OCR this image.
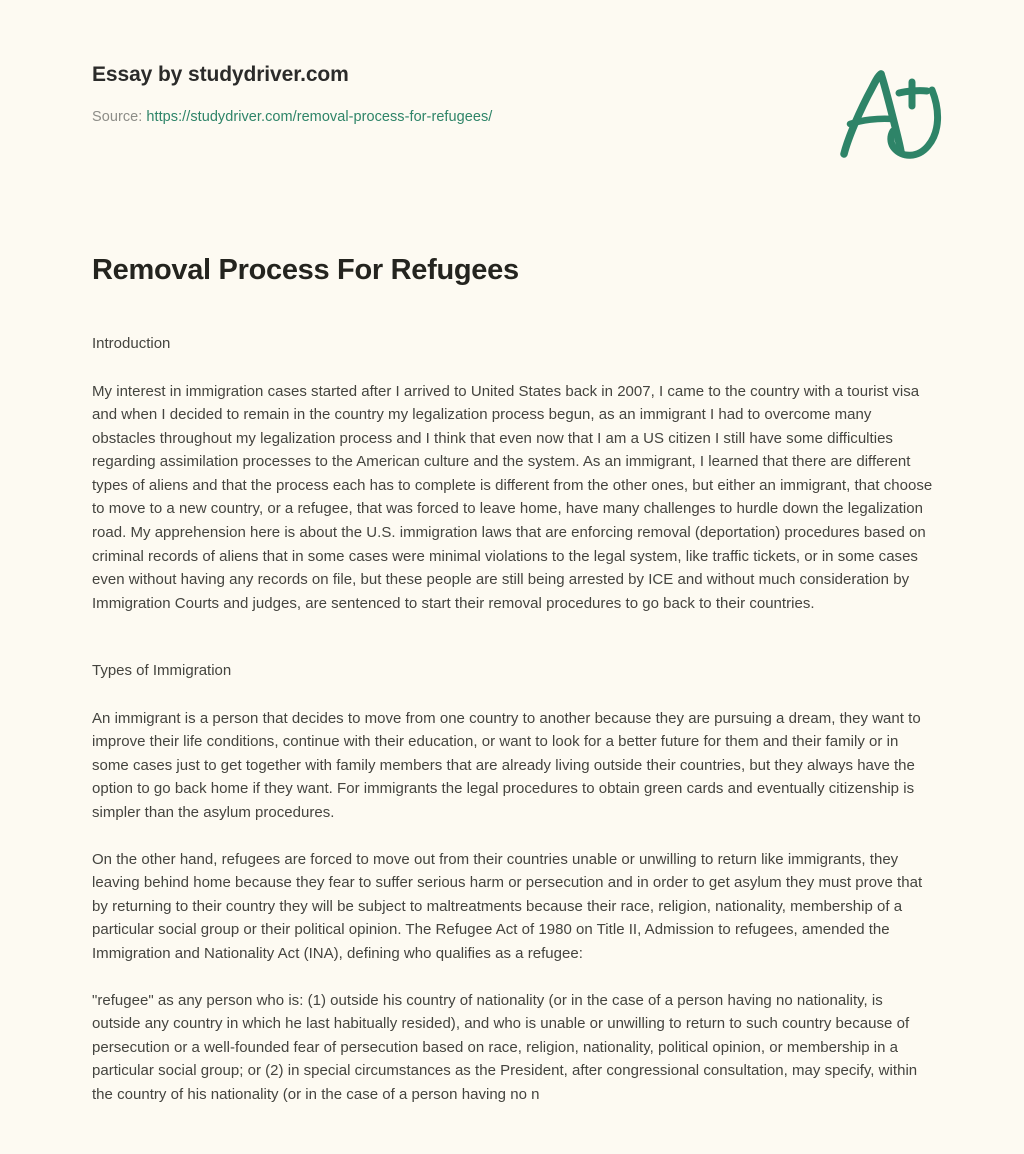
Essay by studydriver.com
Source: https://studydriver.com/removal-process-for-refugees/
Removal Process For Refugees
Introduction

My interest in immigration cases started after I arrived to United States back in 2007, I came to the country with a tourist visa and when I decided to remain in the country my legalization process begun, as an immigrant I had to overcome many obstacles throughout my legalization process and I think that even now that I am a US citizen I still have some difficulties regarding assimilation processes to the American culture and the system. As an immigrant, I learned that there are different types of aliens and that the process each has to complete is different from the other ones, but either an immigrant, that choose to move to a new country, or a refugee, that was forced to leave home, have many challenges to hurdle down the legalization road. My apprehension here is about the U.S. immigration laws that are enforcing removal (deportation) procedures based on criminal records of aliens that in some cases were minimal violations to the legal system, like traffic tickets, or in some cases even without having any records on file, but these people are still being arrested by ICE and without much consideration by Immigration Courts and judges, are sentenced to start their removal procedures to go back to their countries.

Types of Immigration

An immigrant is a person that decides to move from one country to another because they are pursuing a dream, they want to improve their life conditions, continue with their education, or want to look for a better future for them and their family or in some cases just to get together with family members that are already living outside their countries, but they always have the option to go back home if they want. For immigrants the legal procedures to obtain green cards and eventually citizenship is simpler than the asylum procedures.

On the other hand, refugees are forced to move out from their countries unable or unwilling to return like immigrants, they leaving behind home because they fear to suffer serious harm or persecution and in order to get asylum they must prove that by returning to their country they will be subject to maltreatments because their race, religion, nationality, membership of a particular social group or their political opinion. The Refugee Act of 1980 on Title II, Admission to refugees, amended the Immigration and Nationality Act (INA), defining who qualifies as a refugee:

"refugee" as any person who is: (1) outside his country of nationality (or in the case of a person having no nationality, is outside any country in which he last habitually resided), and who is unable or unwilling to return to such country because of persecution or a well-founded fear of persecution based on race, religion, nationality, political opinion, or membership in a particular social group; or (2) in special circumstances as the President, after congressional consultation, may specify, within the country of his nationality (or in the case of a person having no n
